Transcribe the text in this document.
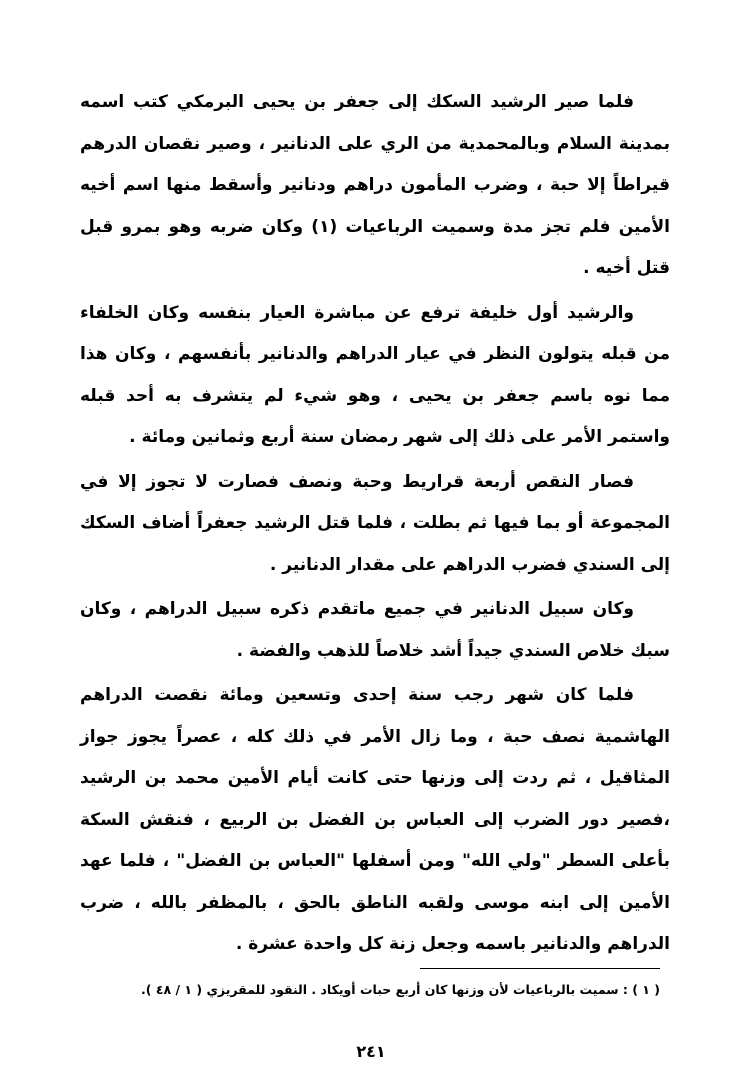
فلما صير الرشيد السكك إلى جعفر بن يحيى البرمكي كتب اسمه بمدينة السلام وبالمحمدية من الري على الدنانير ، وصير نقصان الدرهم قيراطاً إلا حبة ، وضرب المأمون دراهم ودنانير وأسقط منها اسم أخيه الأمين فلم تجز مدة وسميت الرباعيات (١) وكان ضربه وهو بمرو قبل قتل أخيه .

والرشيد أول خليفة ترفع عن مباشرة العيار بنفسه وكان الخلفاء من قبله يتولون النظر في عيار الدراهم والدنانير بأنفسهم ، وكان هذا مما نوه باسم جعفر بن يحيى ، وهو شيء لم يتشرف به أحد قبله واستمر الأمر على ذلك إلى شهر رمضان سنة أربع وثمانين ومائة .

فصار النقص أربعة قراريط وحبة ونصف فصارت لا تجوز إلا في المجموعة أو بما فيها ثم بطلت ، فلما قتل الرشيد جعفراً أضاف السكك إلى السندي فضرب الدراهم على مقدار الدنانير .

وكان سبيل الدنانير في جميع ماتقدم ذكره سبيل الدراهم ، وكان سبك خلاص السندي جيداً أشد خلاصاً للذهب والفضة .

فلما كان شهر رجب سنة إحدى وتسعين ومائة نقصت الدراهم الهاشمية نصف حبة ، وما زال الأمر في ذلك كله ، عصراً يجوز جواز المثاقيل ، ثم ردت إلى وزنها حتى كانت أيام الأمين محمد بن الرشيد ،فصير دور الضرب إلى العباس بن الفضل بن الربيع ، فنقش السكة بأعلى السطر "ولي الله" ومن أسفلها "العباس بن الفضل" ، فلما عهد الأمين إلى ابنه موسى ولقبه الناطق بالحق ، بالمظفر بالله ، ضرب الدراهم والدنانير باسمه وجعل زنة كل واحدة عشرة .

( ١ ) : سميت بالرباعيات لأن وزنها كان أربع حبات أويكاد . النقود للمقريزي ( ١ / ٤٨ ).
٢٤١
